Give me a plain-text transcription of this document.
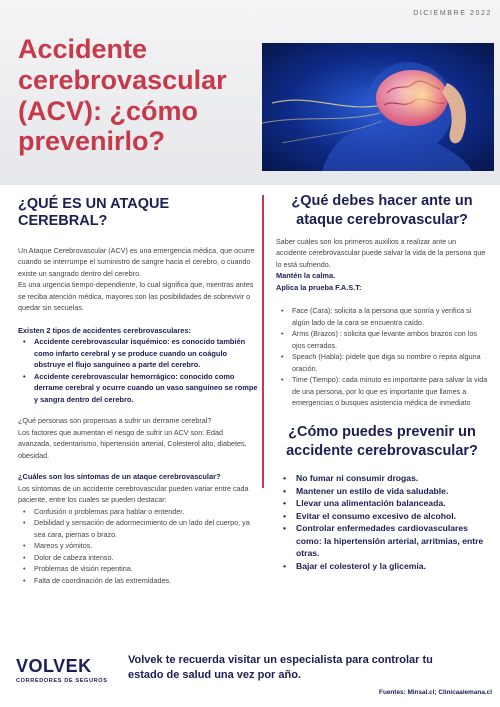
DICIEMBRE 2022
Accidente cerebrovascular (ACV): ¿cómo prevenirlo?
¿QUÉ ES UN ATAQUE CEREBRAL?

Un Ataque Cerebrovascular (ACV) es una emergencia médica, que ocurre cuando se interrumpe el suministro de sangre hacia el cerebro, o cuando existe un sangrado dentro del cerebro.

Es una urgencia tiempo-dependiente, lo cual significa que, mientras antes se reciba atención médica, mayores son las posibilidades de sobrevivir o quedar sin secuelas.

Existen 2 tipos de accidentes cerebrovasculares:

• Accidente cerebrovascular isquémico: es conocido también como infarto cerebral y se produce cuando un coágulo obstruye el flujo sanguíneo a parte del cerebro.
• Accidente cerebrovascular hemorrágico: conocido como derrame cerebral y ocurre cuando un vaso sanguíneo se rompe y sangra dentro del cerebro.

¿Qué personas son propensas a sufrir un derrame cerebral?

Los factores que aumentan el riesgo de sufrir un ACV son: Edad avanzada, sedentarismo, hipertensión arterial, Colesterol alto, diabetes, obesidad.

¿Cuáles son los síntomas de un ataque cerebrovascular?

Los síntomas de un accidente cerebrovascular pueden variar entre cada paciente, entre los cuales se pueden destacar:

• Confusión o problemas para hablar o entender.
• Debilidad y sensación de adormecimiento de un lado del cuerpo, ya sea cara, piernas o brazo.
• Mareos y vómitos.
• Dolor de cabeza intenso.
• Problemas de visión repentina.
• Falta de coordinación de las extremidades.
¿Qué debes hacer ante un ataque cerebrovascular?

Saber cuáles son los primeros auxilios a realizar ante un accidente cerebrovascular puede salvar la vida de la persona que lo está sufriendo.

Mantén la calma.

Aplica la prueba F.A.S.T:

• Face (Cara): solicita a la persona que sonría y verifica si algún lado de la cara se encuentra caído.
• Arms (Brazos) : solicita que levante ambos brazos con los ojos cerrados.
• Speach (Habla): pídele que diga su nombre o repita alguna oración.
• Time (Tiempo): cada minuto es importante para salvar la vida de una persona, por lo que es importante que llames a emergencias o busques asistencia médica de inmediato
¿Cómo puedes prevenir un accidente cerebrovascular?
• No fumar ni consumir drogas.
• Mantener un estilo de vida saludable.
• Llevar una alimentación balanceada.
• Evitar el consumo excesivo de alcohol.
• Controlar enfermedades cardiovasculares como: la hipertensión arterial, arritmias, entre otras.
• Bajar el colesterol y la glicemia.
VOLVEK
CORREDORES DE SEGUROS

Volvek te recuerda visitar un especialista para controlar tu estado de salud una vez por año.

Fuentes: Minsal.cl; Clinicaalemana.cl
